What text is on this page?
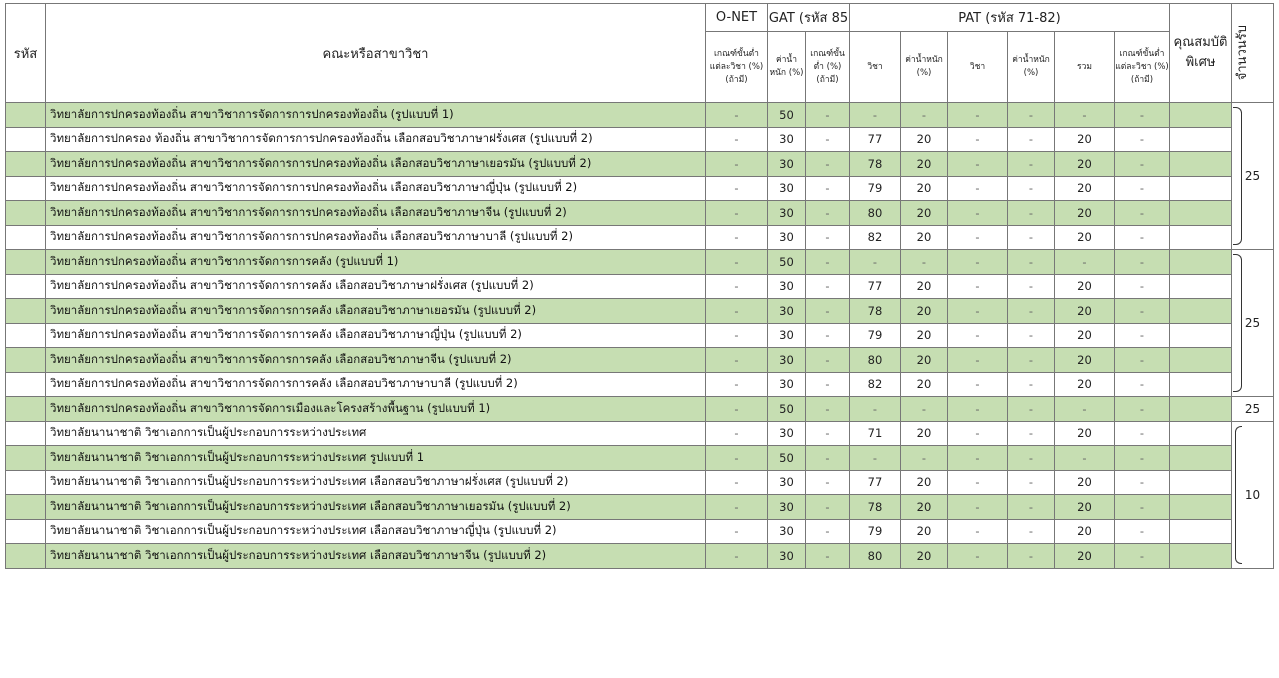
รหัส	คณะหรือสาขาวิชา	O-NET	GAT (รหัส 85		PAT (รหัส 71-82)						คุณสมบัติพิเศษ	จำนวนรับ

		เกณฑ์ขั้นต่ำแต่ละวิชา (%) (ถ้ามี)	ค่าน้ำหนัก (%)	เกณฑ์ขั้นต่ำ (%) (ถ้ามี)	วิชา	ค่าน้ำหนัก (%)	วิชา	ค่าน้ำหนัก (%)	รวม	เกณฑ์ขั้นต่ำแต่ละวิชา (%) (ถ้ามี)		
	วิทยาลัยการปกครองท้องถิ่น สาขาวิชาการจัดการการปกครองท้องถิ่น (รูปแบบที่ 1)	-	50	-	-	-	-	-	-	-		25
	วิทยาลัยการปกครอง ท้องถิ่น สาขาวิชาการจัดการการปกครองท้องถิ่น เลือกสอบวิชาภาษาฝรั่งเศส (รูปแบบที่ 2)	-	30	-	77	20	-	-	20	-		
	วิทยาลัยการปกครองท้องถิ่น สาขาวิชาการจัดการการปกครองท้องถิ่น เลือกสอบวิชาภาษาเยอรมัน (รูปแบบที่ 2)	-	30	-	78	20	-	-	20	-		
	วิทยาลัยการปกครองท้องถิ่น สาขาวิชาการจัดการการปกครองท้องถิ่น เลือกสอบวิชาภาษาญี่ปุ่น (รูปแบบที่ 2)	-	30	-	79	20	-	-	20	-		
	วิทยาลัยการปกครองท้องถิ่น สาขาวิชาการจัดการการปกครองท้องถิ่น เลือกสอบวิชาภาษาจีน (รูปแบบที่ 2)	-	30	-	80	20	-	-	20	-		
	วิทยาลัยการปกครองท้องถิ่น สาขาวิชาการจัดการการปกครองท้องถิ่น เลือกสอบวิชาภาษาบาลี (รูปแบบที่ 2)	-	30	-	82	20	-	-	20	-		
	วิทยาลัยการปกครองท้องถิ่น สาขาวิชาการจัดการการคลัง (รูปแบบที่ 1)	-	50	-	-	-	-	-	-	-		25
	วิทยาลัยการปกครองท้องถิ่น สาขาวิชาการจัดการการคลัง เลือกสอบวิชาภาษาฝรั่งเศส (รูปแบบที่ 2)	-	30	-	77	20	-	-	20	-		
	วิทยาลัยการปกครองท้องถิ่น สาขาวิชาการจัดการการคลัง เลือกสอบวิชาภาษาเยอรมัน (รูปแบบที่ 2)	-	30	-	78	20	-	-	20	-		
	วิทยาลัยการปกครองท้องถิ่น สาขาวิชาการจัดการการคลัง เลือกสอบวิชาภาษาญี่ปุ่น (รูปแบบที่ 2)	-	30	-	79	20	-	-	20	-		
	วิทยาลัยการปกครองท้องถิ่น สาขาวิชาการจัดการการคลัง เลือกสอบวิชาภาษาจีน (รูปแบบที่ 2)	-	30	-	80	20	-	-	20	-		
	วิทยาลัยการปกครองท้องถิ่น สาขาวิชาการจัดการการคลัง เลือกสอบวิชาภาษาบาลี (รูปแบบที่ 2)	-	30	-	82	20	-	-	20	-		
	วิทยาลัยการปกครองท้องถิ่น สาขาวิชาการจัดการเมืองและโครงสร้างพื้นฐาน (รูปแบบที่ 1)	-	50	-	-	-	-	-	-	-		25
	วิทยาลัยนานาชาติ วิชาเอกการเป็นผู้ประกอบการระหว่างประเทศ	-	30	-	71	20	-	-	20	-		10
	วิทยาลัยนานาชาติ วิชาเอกการเป็นผู้ประกอบการระหว่างประเทศ รูปแบบที่ 1	-	50	-	-	-	-	-	-	-		
	วิทยาลัยนานาชาติ วิชาเอกการเป็นผู้ประกอบการระหว่างประเทศ เลือกสอบวิชาภาษาฝรั่งเศส (รูปแบบที่ 2)	-	30	-	77	20	-	-	20	-		
	วิทยาลัยนานาชาติ วิชาเอกการเป็นผู้ประกอบการระหว่างประเทศ เลือกสอบวิชาภาษาเยอรมัน (รูปแบบที่ 2)	-	30	-	78	20	-	-	20	-		
	วิทยาลัยนานาชาติ วิชาเอกการเป็นผู้ประกอบการระหว่างประเทศ เลือกสอบวิชาภาษาญี่ปุ่น (รูปแบบที่ 2)	-	30	-	79	20	-	-	20	-		
	วิทยาลัยนานาชาติ วิชาเอกการเป็นผู้ประกอบการระหว่างประเทศ เลือกสอบวิชาภาษาจีน (รูปแบบที่ 2)	-	30	-	80	20	-	-	20	-		
